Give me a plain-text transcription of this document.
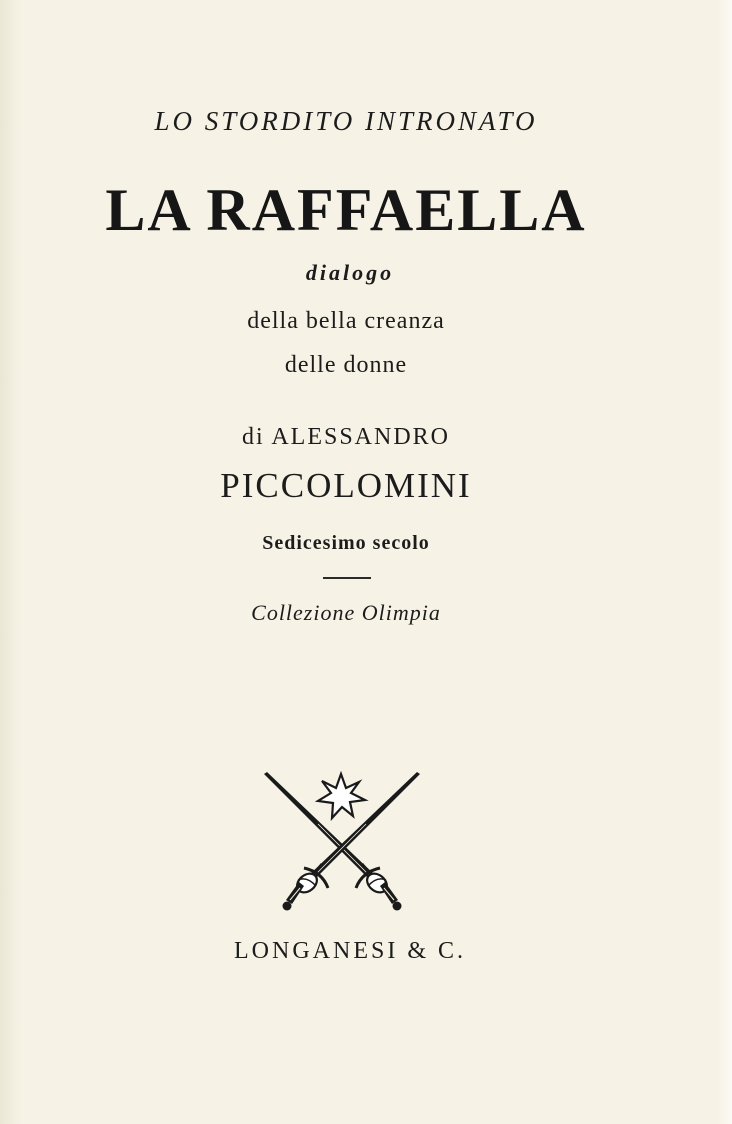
LO STORDITO INTRONATO
LA RAFFAELLA
dialogo
della bella creanza
delle donne
di ALESSANDRO
PICCOLOMINI
Sedicesimo secolo
Collezione Olimpia
LONGANESI & C.
